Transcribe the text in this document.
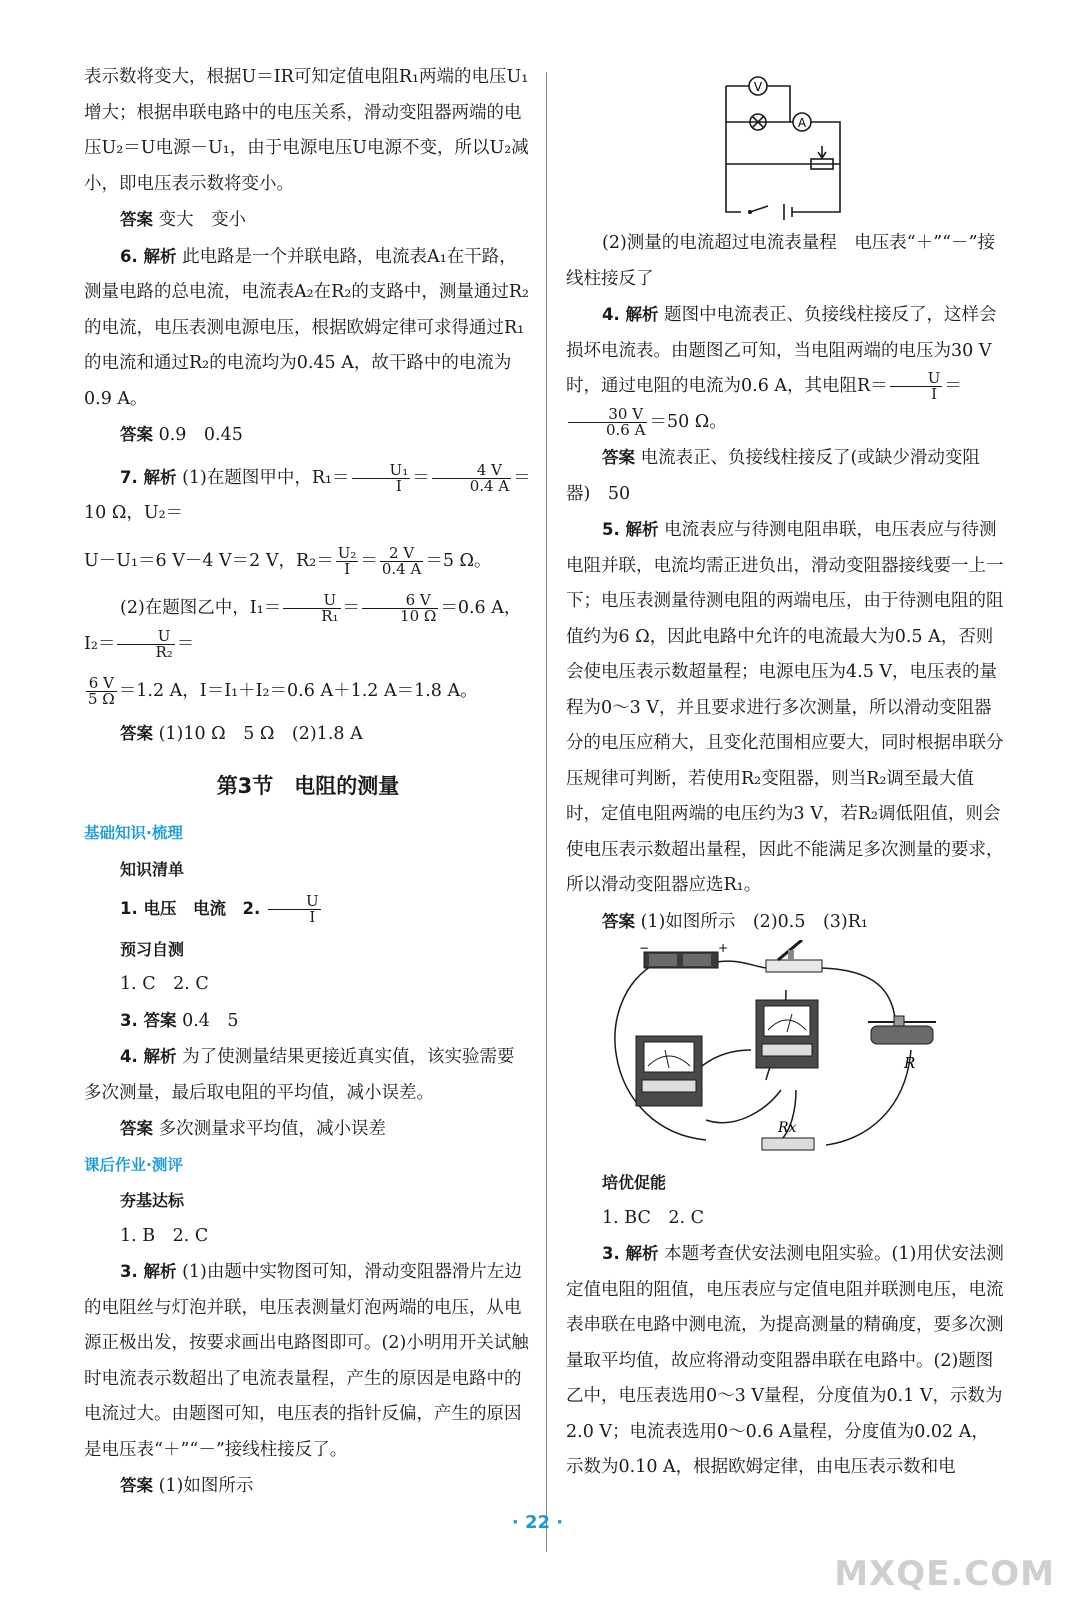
表示数将变大，根据U＝IR可知定值电阻R₁两端的电压U₁增大；根据串联电路中的电压关系，滑动变阻器两端的电压U₂＝U电源－U₁，由于电源电压U电源不变，所以U₂减小，即电压表示数将变小。

答案 变大　变小

6. 解析 此电路是一个并联电路，电流表A₁在干路，测量电路的总电流，电流表A₂在R₂的支路中，测量通过R₂的电流，电压表测电源电压，根据欧姆定律可求得通过R₁的电流和通过R₂的电流均为0.45 A，故干路中的电流为0.9 A。

答案 0.9　0.45

7. 解析 (1)在题图甲中，$R_1= \frac{\text{U₁}}{I} = \frac{4 V}{0.4 A} =10$ Ω，U₂＝

U－U₁＝6 V－4 V＝2 V，$R_2= \frac{\text{U₂}}{I} = \frac{2 V}{0.4 A} =5$ Ω。

(2)在题图乙中，$I_1= \frac{U}{\text{R₁}} = \frac{6 V}{10 \Omega} =0.6$ A，$I_2= \frac{U}{\text{R₂}}$ ＝

$\frac{6 V}{5 \Omega} =1.2$ A，I＝I₁＋I₂＝0.6 A＋1.2 A＝1.8 A。

答案 (1)10 Ω　5 Ω　(2)1.8 A

第3节　电阻的测量
基础知识·梳理

知识清单

1. 电压　电流　2. $\frac{U}{I}$

预习自测

1. C　2. C

3. 答案 0.4　5

4. 解析 为了使测量结果更接近真实值，该实验需要多次测量，最后取电阻的平均值，减小误差。

答案 多次测量求平均值，减小误差

课后作业·测评

夯基达标

1. B　2. C

3. 解析 (1)由题中实物图可知，滑动变阻器滑片左边的电阻丝与灯泡并联，电压表测量灯泡两端的电压，从电源正极出发，按要求画出电路图即可。(2)小明用开关试触时电流表示数超出了电流表量程，产生的原因是电路中的电流过大。由题图可知，电压表的指针反偏，产生的原因是电压表“＋”“－”接线柱接反了。

答案 (1)如图所示

V
A

(2)测量的电流超过电流表量程　电压表“＋”“－”接线柱接反了

4. 解析 题图中电流表正、负接线柱接反了，这样会损坏电流表。由题图乙可知，当电阻两端的电压为30 V时，通过电阻的电流为0.6 A，其电阻$R= \frac{U}{I}$ ＝
$\frac{30 V}{0.6 A} =50$ Ω。

答案 电流表正、负接线柱接反了(或缺少滑动变阻器)　50

5. 解析 电流表应与待测电阻串联，电压表应与待测电阻并联，电流均需正进负出，滑动变阻器接线要一上一下；电压表测量待测电阻的两端电压，由于待测电阻的阻值约为6 Ω，因此电路中允许的电流最大为0.5 A，否则会使电压表示数超量程；电源电压为4.5 V，电压表的量程为0～3 V，并且要求进行多次测量，所以滑动变阻器分的电压应稍大，且变化范围相应要大，同时根据串联分压规律可判断，若使用R₂变阻器，则当R₂调至最大值时，定值电阻两端的电压约为3 V，若R₂调低阻值，则会使电压表示数超出量程，因此不能满足多次测量的要求，所以滑动变阻器应选R₁。

答案 (1)如图所示　(2)0.5　(3)R₁

−	+
R
Rx

培优促能

1. BC　2. C

3. 解析 本题考查伏安法测电阻实验。(1)用伏安法测定值电阻的阻值，电压表应与定值电阻并联测电压，电流表串联在电路中测电流，为提高测量的精确度，要多次测量取平均值，故应将滑动变阻器串联在电路中。(2)题图乙中，电压表选用0～3 V量程，分度值为0.1 V，示数为2.0 V；电流表选用0～0.6 A量程，分度值为0.02 A，示数为0.10 A，根据欧姆定律，由电压表示数和电

· 22 ·
MXQE.COM
